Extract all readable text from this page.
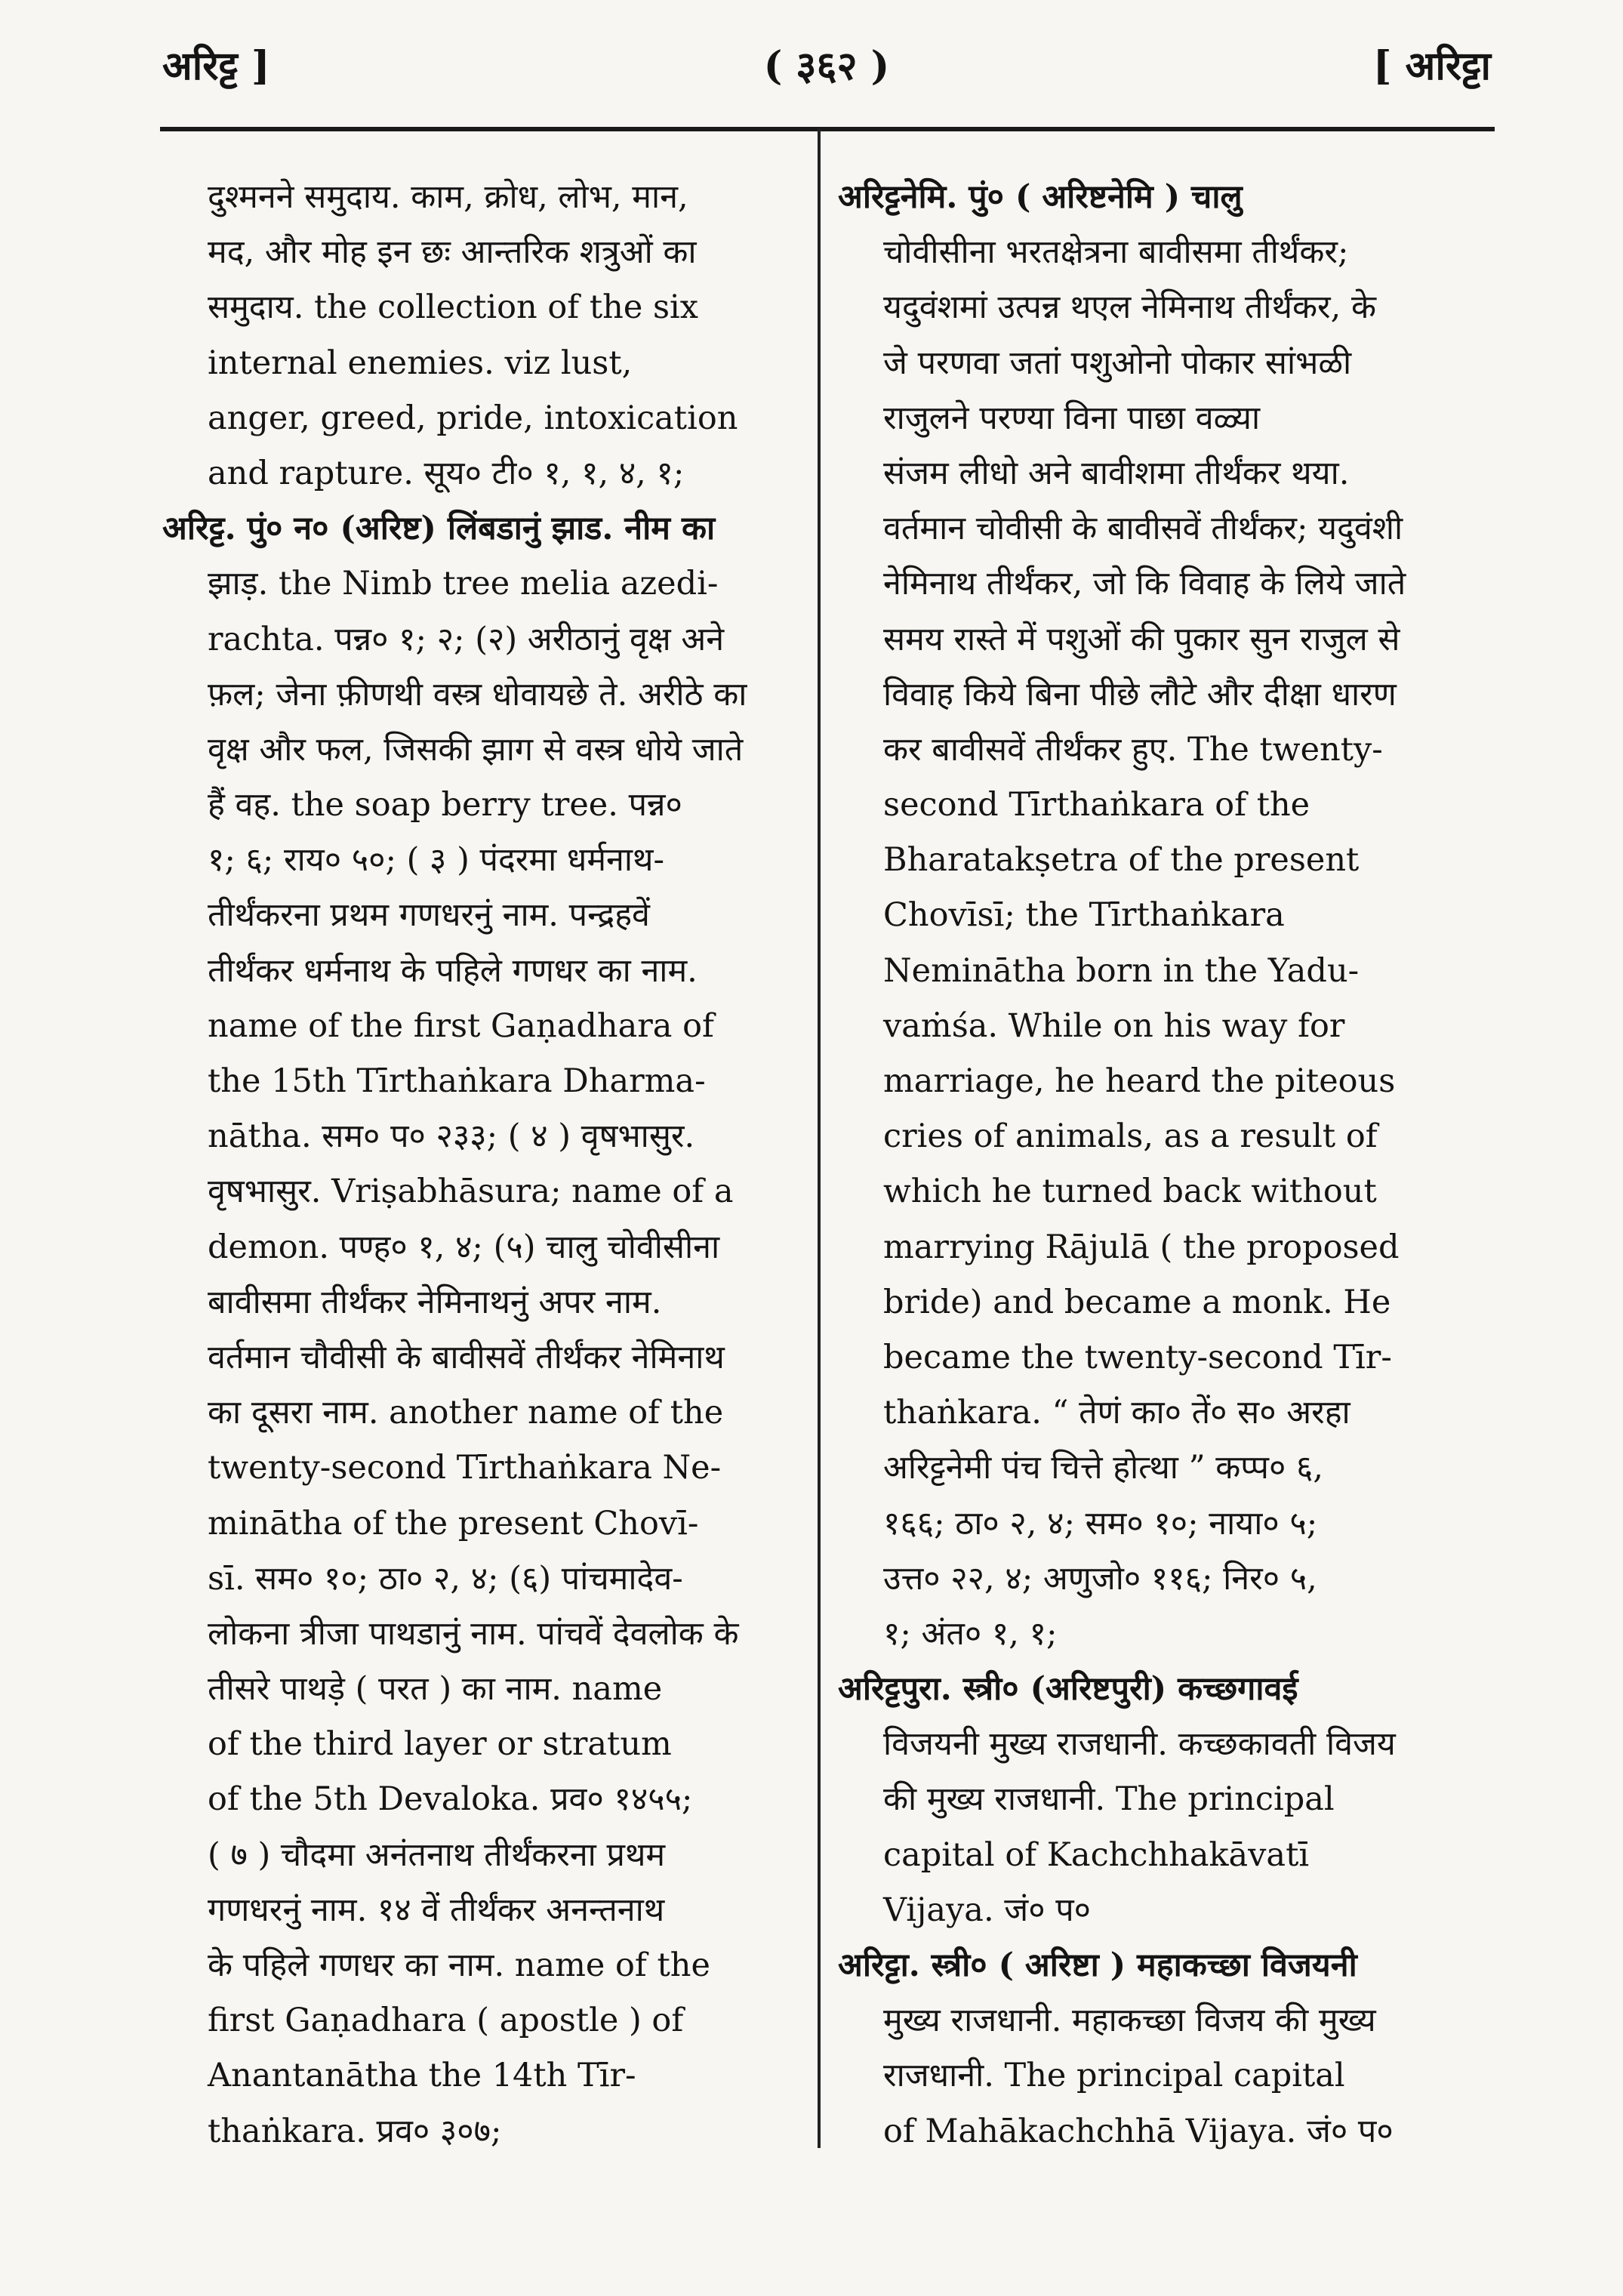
अरिट्ट ]	( ३६२ )	[ अरिट्टा
दुश्मनने समुदाय. काम, क्रोध, लोभ, मान,
मद, और मोह इन छः आन्तरिक शत्रुओं का
समुदाय. the collection of the six
internal enemies. viz lust,
anger, greed, pride, intoxication
and rapture. सूय० टी० १, १, ४, १;
अरिट्ट. पुं० न० (अरिष्ट) लिंबडानुं झाड. नीम का
झाड़. the Nimb tree melia azedi-
rachta. पन्न० १; २; (२) अरीठानुं वृक्ष अने
फ़ल; जेना फ़ीणथी वस्त्र धोवायछे ते. अरीठे का
वृक्ष और फल, जिसकी झाग से वस्त्र धोये जाते
हैं वह. the soap berry tree. पन्न०
१; ६; राय० ५०; ( ३ ) पंदरमा धर्मनाथ-
तीर्थंकरना प्रथम गणधरनुं नाम. पन्द्रहवें
तीर्थंकर धर्मनाथ के पहिले गणधर का नाम.
name of the first Gaṇadhara of
the 15th Tīrthaṅkara Dharma-
nātha. सम० प० २३३; ( ४ ) वृषभासुर.
वृषभासुर. Vriṣabhāsura; name of a
demon. पण्ह० १, ४; (५) चालु चोवीसीना
बावीसमा तीर्थंकर नेमिनाथनुं अपर नाम.
वर्तमान चौवीसी के बावीसवें तीर्थंकर नेमिनाथ
का दूसरा नाम. another name of the
twenty-second Tīrthaṅkara Ne-
minātha of the present Chovī-
sī. सम० १०; ठा० २, ४; (६) पांचमादेव-
लोकना त्रीजा पाथडानुं नाम. पांचवें देवलोक के
तीसरे पाथड़े ( परत ) का नाम. name
of the third layer or stratum
of the 5th Devaloka. प्रव० १४५५;
( ७ ) चौदमा अनंतनाथ तीर्थंकरना प्रथम
गणधरनुं नाम. १४ वें तीर्थंकर अनन्तनाथ
के पहिले गणधर का नाम. name of the
first Gaṇadhara ( apostle ) of
Anantanātha the 14th Tīr-
thaṅkara. प्रव० ३०७;
अरिट्टनेमि. पुं० ( अरिष्टनेमि ) चालु
चोवीसीना भरतक्षेत्रना बावीसमा तीर्थंकर;
यदुवंशमां उत्पन्न थएल नेमिनाथ तीर्थंकर, के
जे परणवा जतां पशुओनो पोकार सांभळी
राजुलने परण्या विना पाछा वळ्या
संजम लीधो अने बावीशमा तीर्थंकर थया.
वर्तमान चोवीसी के बावीसवें तीर्थंकर; यदुवंशी
नेमिनाथ तीर्थंकर, जो कि विवाह के लिये जाते
समय रास्ते में पशुओं की पुकार सुन राजुल से
विवाह किये बिना पीछे लौटे और दीक्षा धारण
कर बावीसवें तीर्थंकर हुए. The twenty-
second Tīrthaṅkara of the
Bharatakṣetra of the present
Chovīsī; the Tīrthaṅkara
Neminātha born in the Yadu-
vaṁśa. While on his way for
marriage, he heard the piteous
cries of animals, as a result of
which he turned back without
marrying Rājulā ( the proposed
bride) and became a monk. He
became the twenty-second Tīr-
thaṅkara. “ तेणं का० तें० स० अरहा
अरिट्टनेमी पंच चित्ते होत्था ” कप्प० ६,
१६६; ठा० २, ४; सम० १०; नाया० ५;
उत्त० २२, ४; अणुजो० ११६; निर० ५,
१; अंत० १, १;
अरिट्टपुरा. स्त्री० (अरिष्टपुरी) कच्छगावई
विजयनी मुख्य राजधानी. कच्छकावती विजय
की मुख्य राजधानी. The principal
capital of Kachchhakāvatī
Vijaya. जं० प०
अरिट्टा. स्त्री० ( अरिष्टा ) महाकच्छा विजयनी
मुख्य राजधानी. महाकच्छा विजय की मुख्य
राजधानी. The principal capital
of Mahākachchhā Vijaya. जं० प०
